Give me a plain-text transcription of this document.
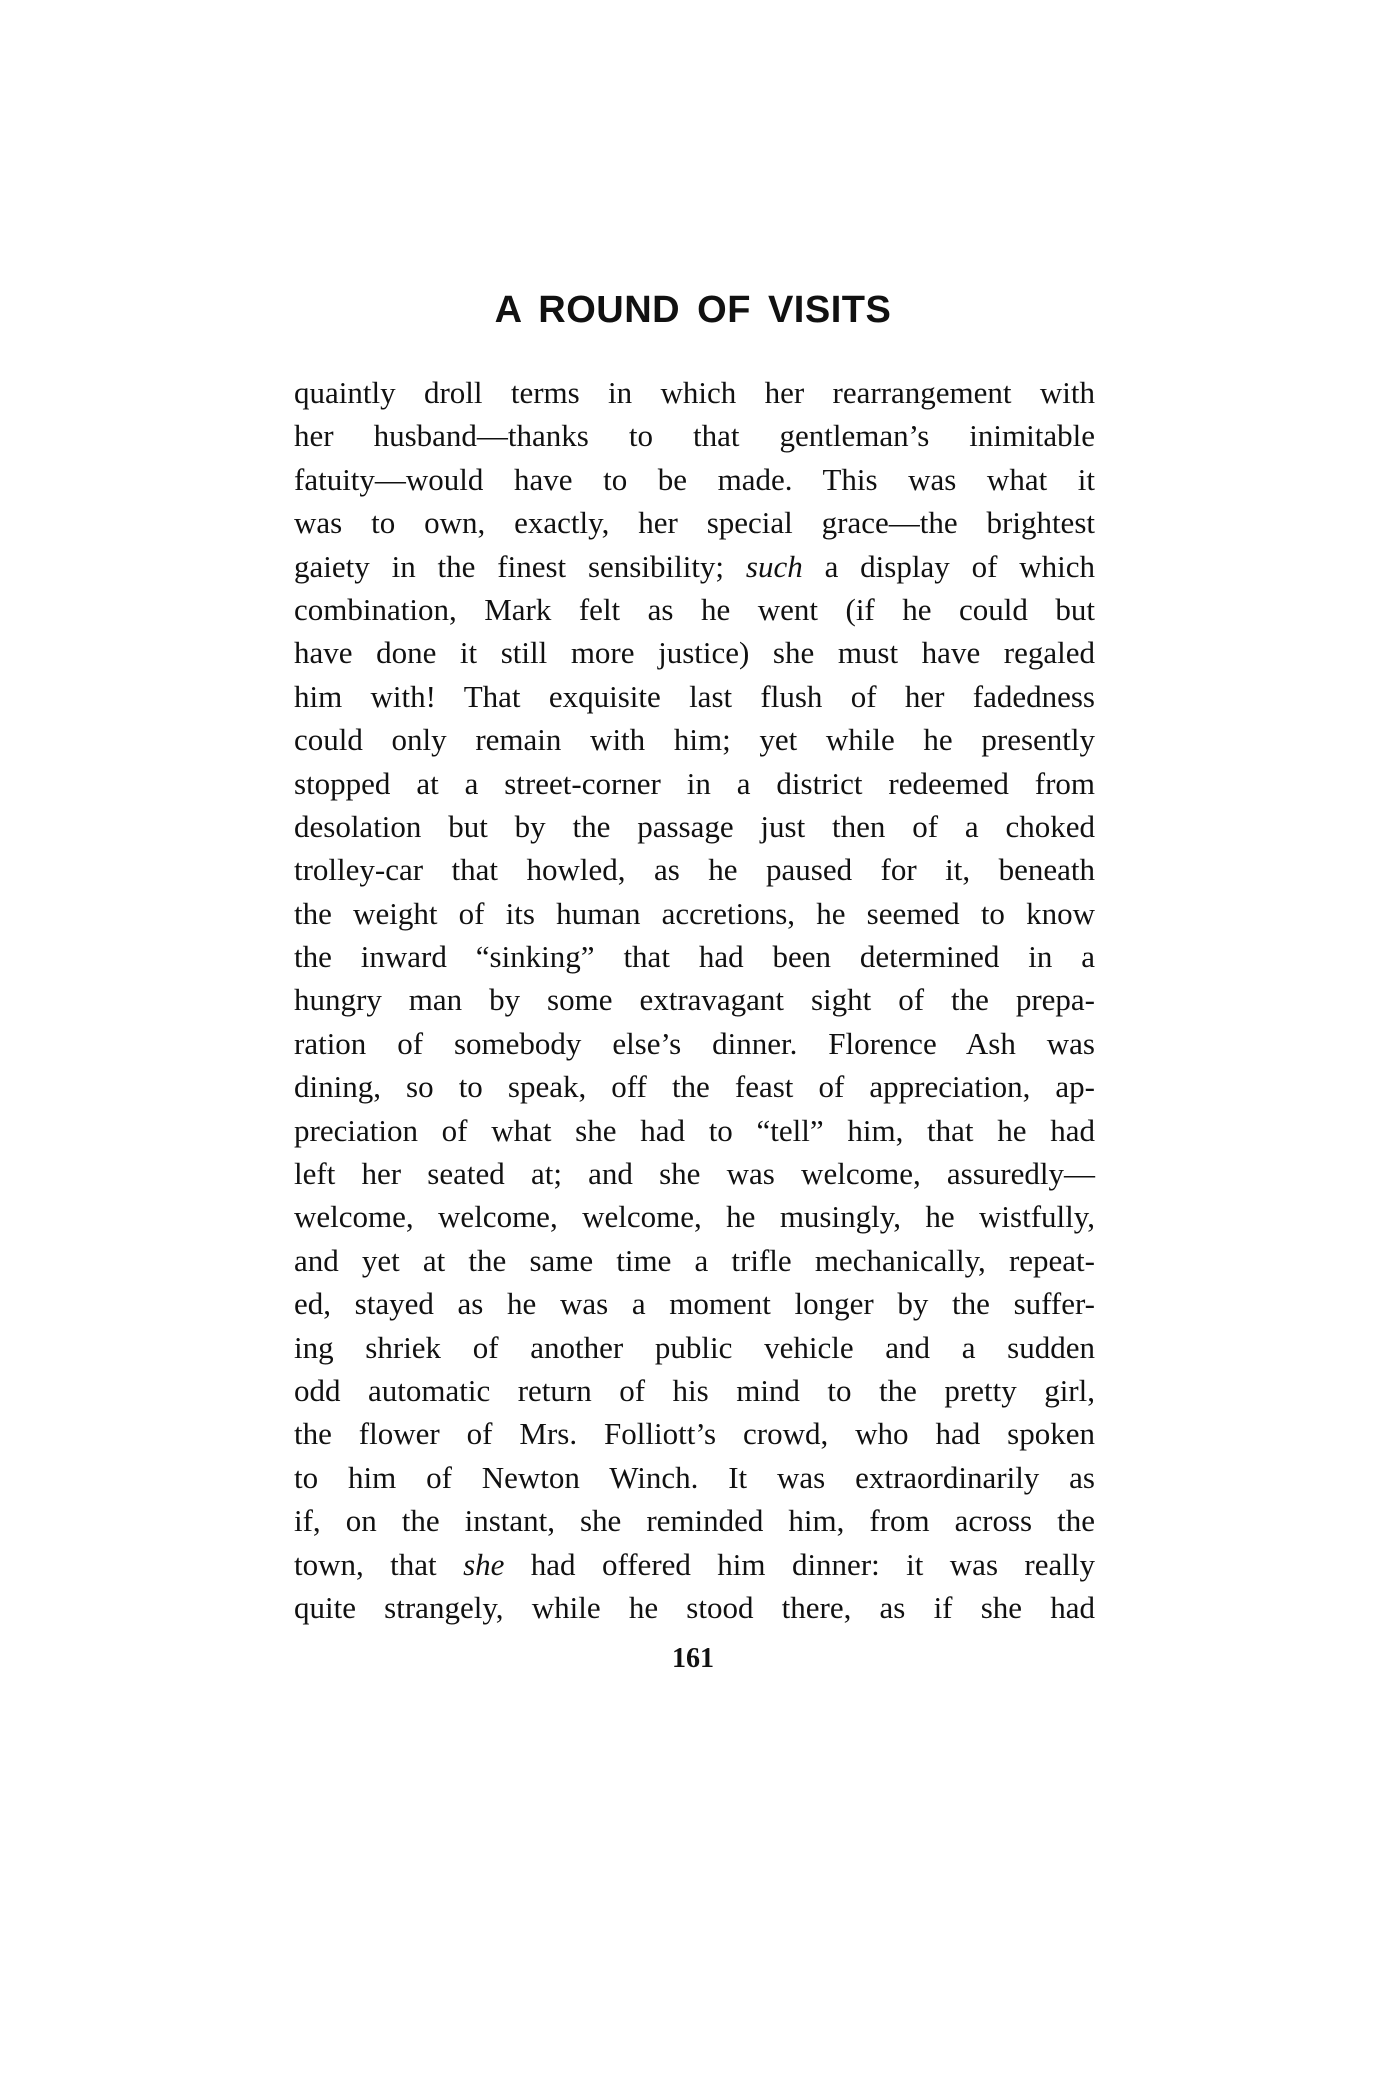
A ROUND OF VISITS
quaintly droll terms in which her rearrangement with
her husband—thanks to that gentleman’s inimitable
fatuity—would have to be made. This was what it
was to own, exactly, her special grace—the brightest
gaiety in the finest sensibility; such a display of which
combination, Mark felt as he went (if he could but
have done it still more justice) she must have regaled
him with! That exquisite last flush of her fadedness
could only remain with him; yet while he presently
stopped at a street-corner in a district redeemed from
desolation but by the passage just then of a choked
trolley-car that howled, as he paused for it, beneath
the weight of its human accretions, he seemed to know
the inward “sinking” that had been determined in a
hungry man by some extravagant sight of the prepa-
ration of somebody else’s dinner. Florence Ash was
dining, so to speak, off the feast of appreciation, ap-
preciation of what she had to “tell” him, that he had
left her seated at; and she was welcome, assuredly—
welcome, welcome, welcome, he musingly, he wistfully,
and yet at the same time a trifle mechanically, repeat-
ed, stayed as he was a moment longer by the suffer-
ing shriek of another public vehicle and a sudden
odd automatic return of his mind to the pretty girl,
the flower of Mrs. Folliott’s crowd, who had spoken
to him of Newton Winch. It was extraordinarily as
if, on the instant, she reminded him, from across the
town, that she had offered him dinner: it was really
quite strangely, while he stood there, as if she had
161
